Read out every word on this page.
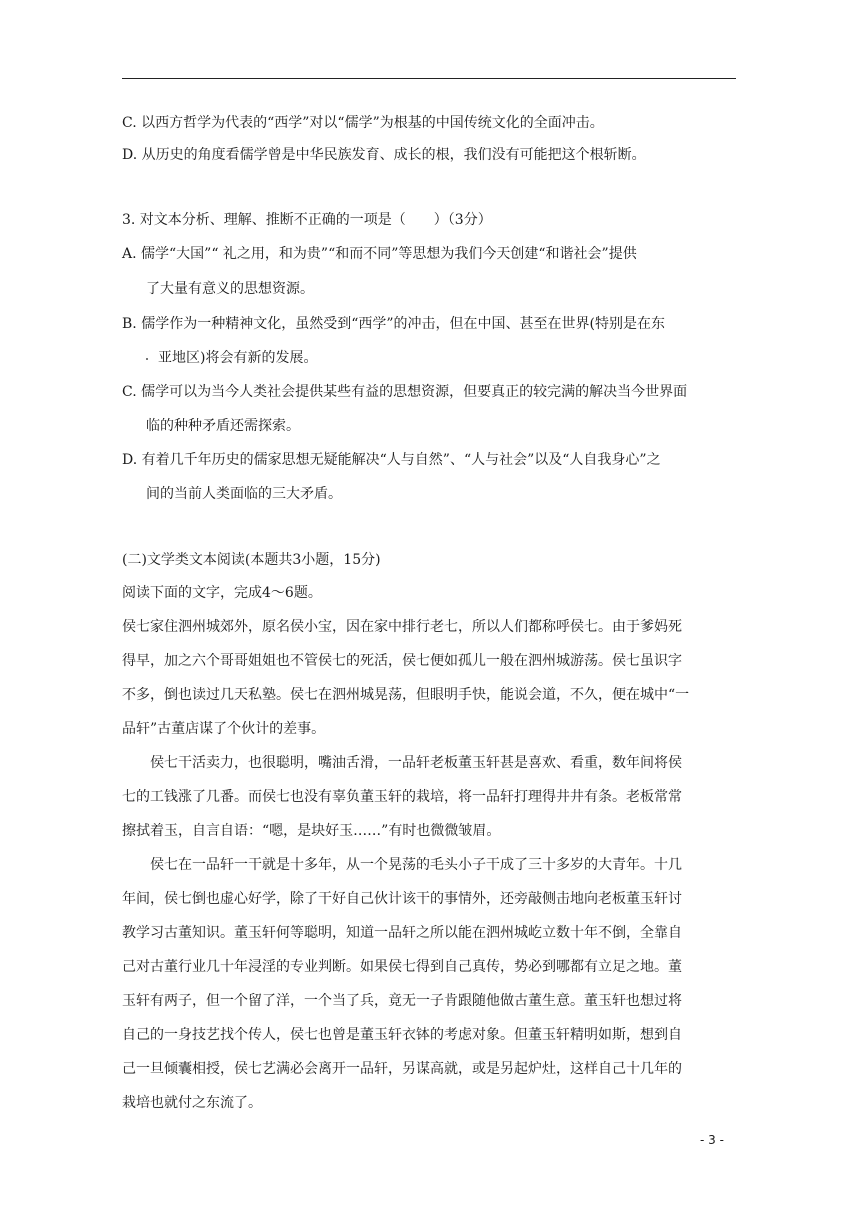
C. 以西方哲学为代表的“西学”对以“儒学”为根基的中国传统文化的全面冲击。
D. 从历史的角度看儒学曾是中华民族发育、成长的根，我们没有可能把这个根斩断。
3. 对文本分析、理解、推断不正确的一项是（　　）（3分）
A. 儒学“大国”“ 礼之用，和为贵”“和而不同”等思想为我们今天创建“和谐社会”提供
了大量有意义的思想资源。
B. 儒学作为一种精神文化，虽然受到“西学”的冲击，但在中国、甚至在世界(特别是在东
亚地区)将会有新的发展。
C. 儒学可以为当今人类社会提供某些有益的思想资源，但要真正的较完满的解决当今世界面
临的种种矛盾还需探索。
D. 有着几千年历史的儒家思想无疑能解决“人与自然”、“人与社会”以及“人自我身心”之
间的当前人类面临的三大矛盾。
(二)文学类文本阅读(本题共3小题，15分)
阅读下面的文字，完成4～6题。
侯七家住泗州城郊外，原名侯小宝，因在家中排行老七，所以人们都称呼侯七。由于爹妈死
得早，加之六个哥哥姐姐也不管侯七的死活，侯七便如孤儿一般在泗州城游荡。侯七虽识字
不多，倒也读过几天私塾。侯七在泗州城晃荡，但眼明手快，能说会道，不久，便在城中“一
品轩”古董店谋了个伙计的差事。
侯七干活卖力，也很聪明，嘴油舌滑，一品轩老板董玉轩甚是喜欢、看重，数年间将侯
七的工钱涨了几番。而侯七也没有辜负董玉轩的栽培，将一品轩打理得井井有条。老板常常
擦拭着玉，自言自语：“嗯，是块好玉……”有时也微微皱眉。
侯七在一品轩一干就是十多年，从一个晃荡的毛头小子干成了三十多岁的大青年。十几
年间，侯七倒也虚心好学，除了干好自己伙计该干的事情外，还旁敲侧击地向老板董玉轩讨
教学习古董知识。董玉轩何等聪明，知道一品轩之所以能在泗州城屹立数十年不倒，全靠自
己对古董行业几十年浸淫的专业判断。如果侯七得到自己真传，势必到哪都有立足之地。董
玉轩有两子，但一个留了洋，一个当了兵，竟无一子肯跟随他做古董生意。董玉轩也想过将
自己的一身技艺找个传人，侯七也曾是董玉轩衣钵的考虑对象。但董玉轩精明如斯，想到自
己一旦倾囊相授，侯七艺满必会离开一品轩，另谋高就，或是另起炉灶，这样自己十几年的
栽培也就付之东流了。
- 3 -
